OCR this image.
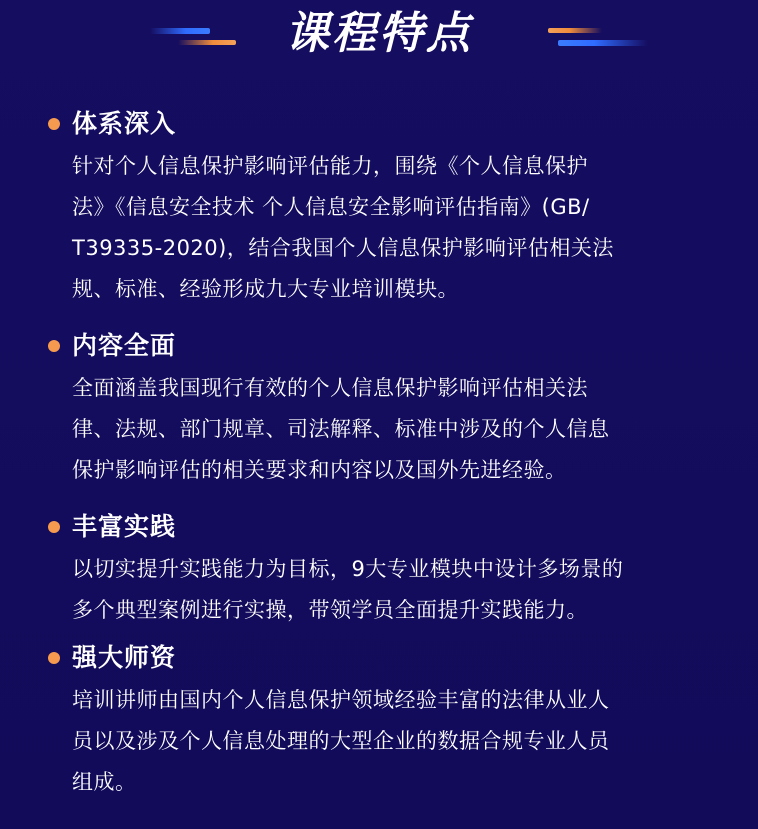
课程特点
体系深入
针对个人信息保护影响评估能力，围绕《个人信息保护
法》《信息安全技术 个人信息安全影响评估指南》(GB/
T39335-2020)，结合我国个人信息保护影响评估相关法
规、标准、经验形成九大专业培训模块。
内容全面
全面涵盖我国现行有效的个人信息保护影响评估相关法
律、法规、部门规章、司法解释、标准中涉及的个人信息
保护影响评估的相关要求和内容以及国外先进经验。
丰富实践
以切实提升实践能力为目标，9大专业模块中设计多场景的
多个典型案例进行实操，带领学员全面提升实践能力。
强大师资
培训讲师由国内个人信息保护领域经验丰富的法律从业人
员以及涉及个人信息处理的大型企业的数据合规专业人员
组成。
